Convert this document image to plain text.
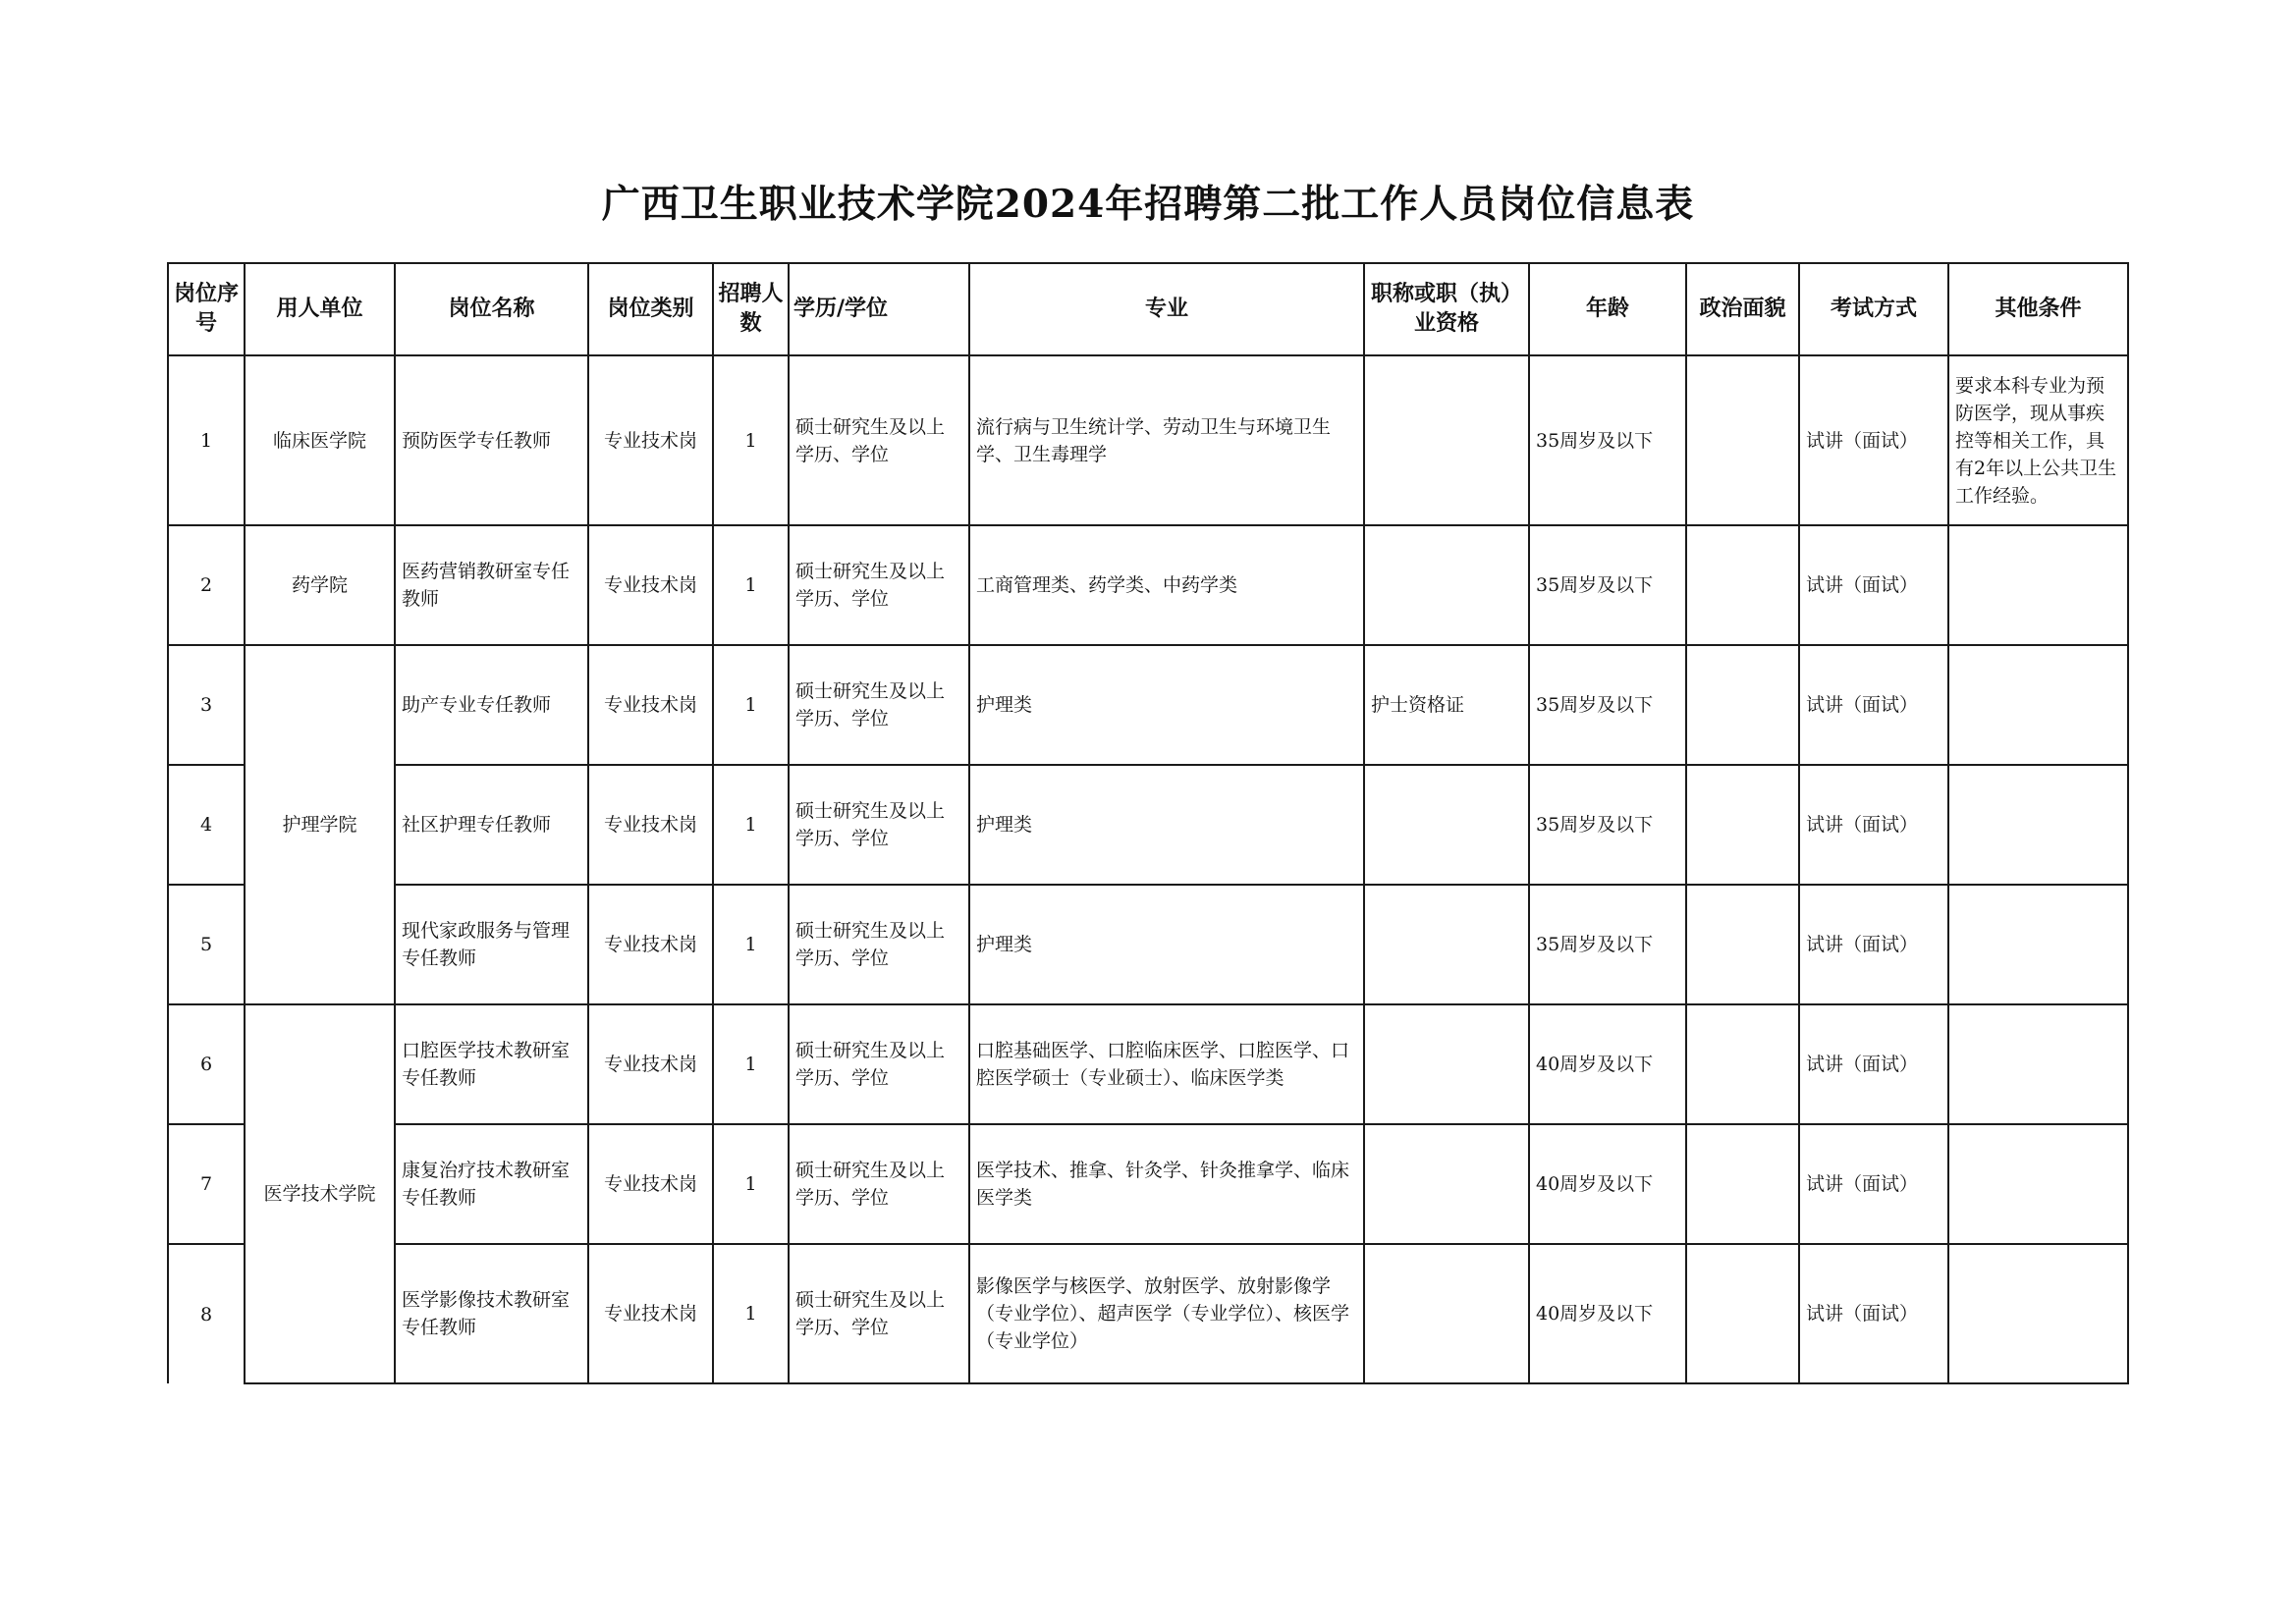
广西卫生职业技术学院2024年招聘第二批工作人员岗位信息表
岗位序号	用人单位	岗位名称	岗位类别	招聘人数	学历/学位	专业	职称或职（执）业资格	年龄	政治面貌	考试方式	其他条件
1	临床医学院	预防医学专任教师	专业技术岗	1	硕士研究生及以上学历、学位	流行病与卫生统计学、劳动卫生与环境卫生学、卫生毒理学		35周岁及以下		试讲（面试）	要求本科专业为预防医学，现从事疾控等相关工作，具有2年以上公共卫生工作经验。
2	药学院	医药营销教研室专任教师	专业技术岗	1	硕士研究生及以上学历、学位	工商管理类、药学类、中药学类		35周岁及以下		试讲（面试）	
3	护理学院	助产专业专任教师	专业技术岗	1	硕士研究生及以上学历、学位	护理类	护士资格证	35周岁及以下		试讲（面试）	
4		社区护理专任教师	专业技术岗	1	硕士研究生及以上学历、学位	护理类		35周岁及以下		试讲（面试）	
5		现代家政服务与管理专任教师	专业技术岗	1	硕士研究生及以上学历、学位	护理类		35周岁及以下		试讲（面试）	
6	医学技术学院	口腔医学技术教研室专任教师	专业技术岗	1	硕士研究生及以上学历、学位	口腔基础医学、口腔临床医学、口腔医学、口腔医学硕士（专业硕士）、临床医学类		40周岁及以下		试讲（面试）	
7		康复治疗技术教研室专任教师	专业技术岗	1	硕士研究生及以上学历、学位	医学技术、推拿、针灸学、针灸推拿学、临床医学类		40周岁及以下		试讲（面试）	
8		医学影像技术教研室专任教师	专业技术岗	1	硕士研究生及以上学历、学位	影像医学与核医学、放射医学、放射影像学（专业学位）、超声医学（专业学位）、核医学（专业学位）		40周岁及以下		试讲（面试）	
